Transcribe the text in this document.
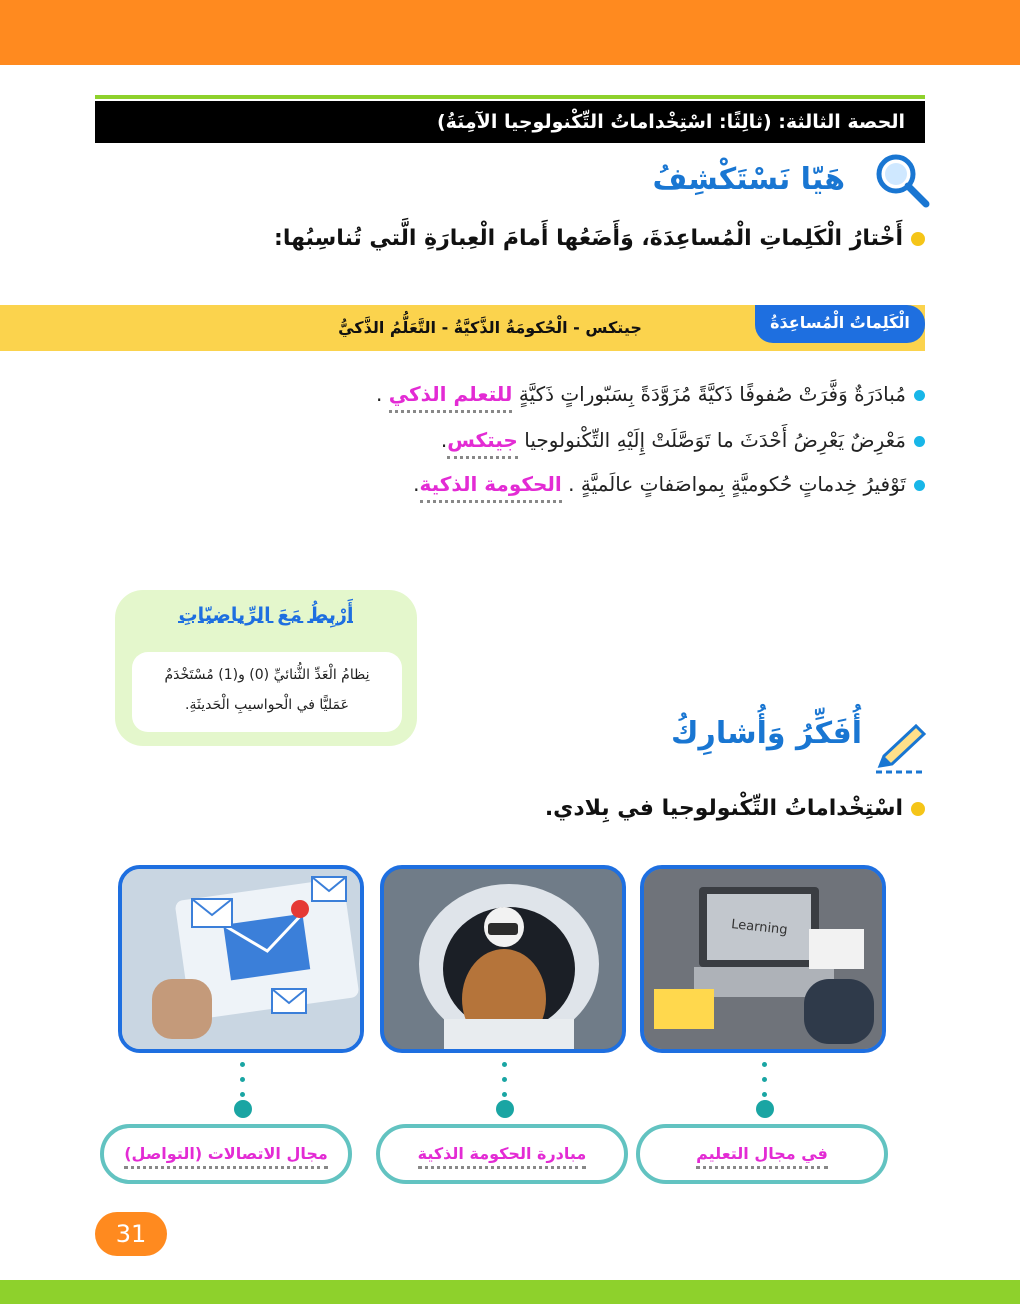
الحصة الثالثة: (ثالِثًا: اسْتِخْداماتُ التِّكْنولوجيا الآمِنَةُ)
هَيّا نَسْتَكْشِفُ
أَخْتارُ الْكَلِماتِ الْمُساعِدَةَ، وَأَضَعُها أَمامَ الْعِبارَةِ الَّتي تُناسِبُها:
جيتكس - الْحُكومَةُ الذَّكيَّةُ - التَّعَلُّمُ الذَّكيُّ	الْكَلِماتُ الْمُساعِدَةُ
مُبادَرَةٌ وَفَّرَتْ صُفوفًا ذَكيَّةً مُزَوَّدَةً بِسَبّوراتٍ ذَكيَّةٍ للتعلم الذكي .
مَعْرِضٌ يَعْرِضُ أَحْدَثَ ما تَوَصَّلَتْ إِلَيْهِ التِّكْنولوجيا جيتكس.
تَوْفيرُ خِدماتٍ حُكوميَّةٍ بِمواصَفاتٍ عالَميَّةٍ . الحكومة الذكية.
أَرْبِطُ مَعَ الرِّياضيّاتِ
نِظامُ الْعَدِّ الثُّنائيِّ (0) و(1) مُسْتَخْدَمٌ
عَمَليًّا في الْحواسيبِ الْحَديثَةِ.
أُفَكِّرُ وَأُشارِكُ
اسْتِخْداماتُ التِّكْنولوجيا في بِلادي.
Learning
مجال الاتصالات (التواصل)	مبادرة الحكومة الذكية	في مجال التعليم
31
